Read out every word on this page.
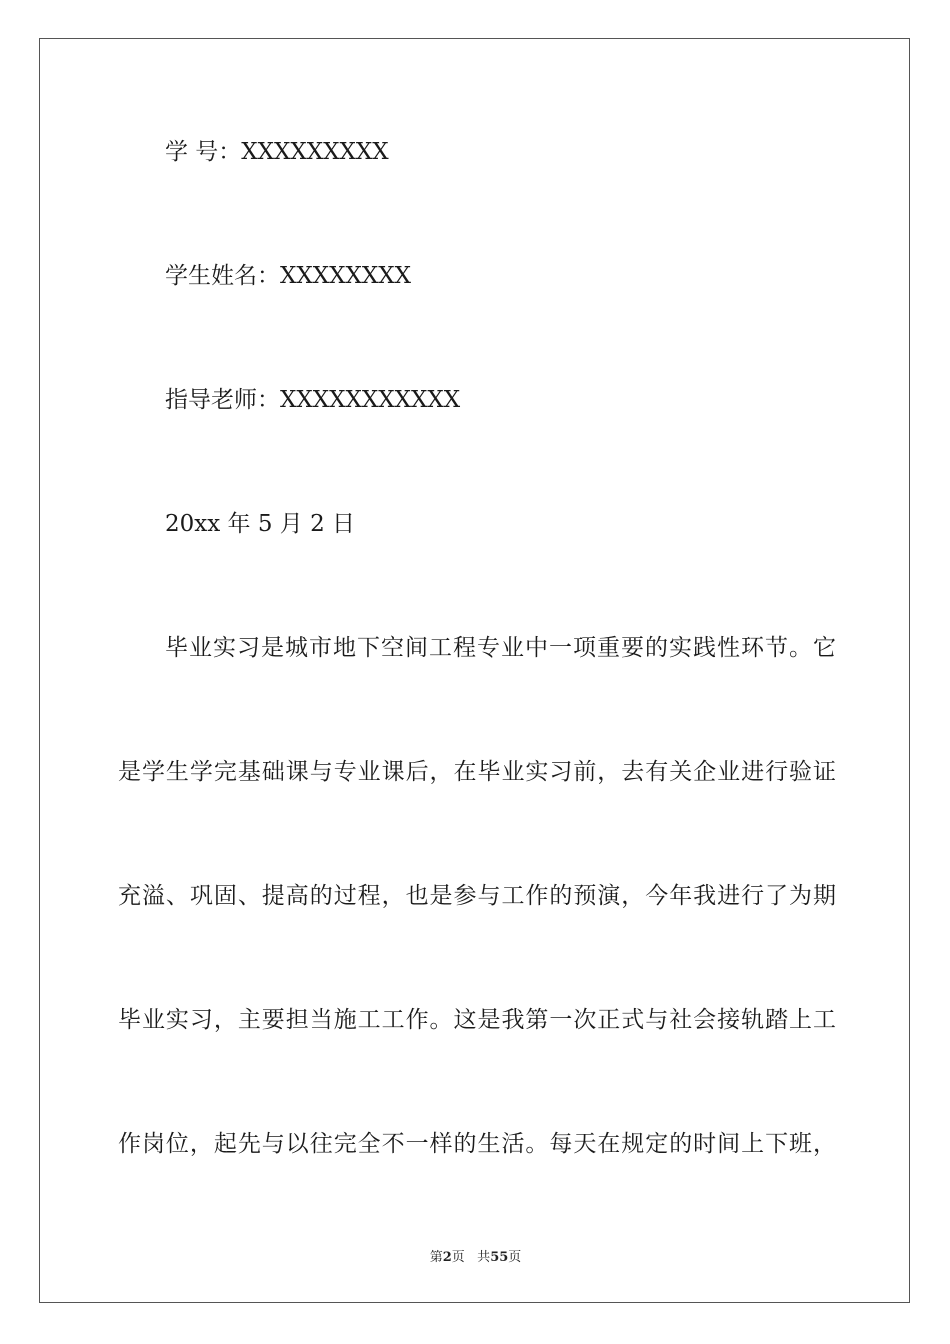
学 号：XXXXXXXXX
学生姓名：XXXXXXXX
指导老师：XXXXXXXXXXX
20xx 年 5 月 2 日
毕业实习是城市地下空间工程专业中一项重要的实践性环节。它
是学生学完基础课与专业课后，在毕业实习前，去有关企业进行验证
充溢、巩固、提高的过程，也是参与工作的预演，今年我进行了为期
毕业实习，主要担当施工工作。这是我第一次正式与社会接轨踏上工
作岗位，起先与以往完全不一样的生活。每天在规定的时间上下班，
第2页 共55页
